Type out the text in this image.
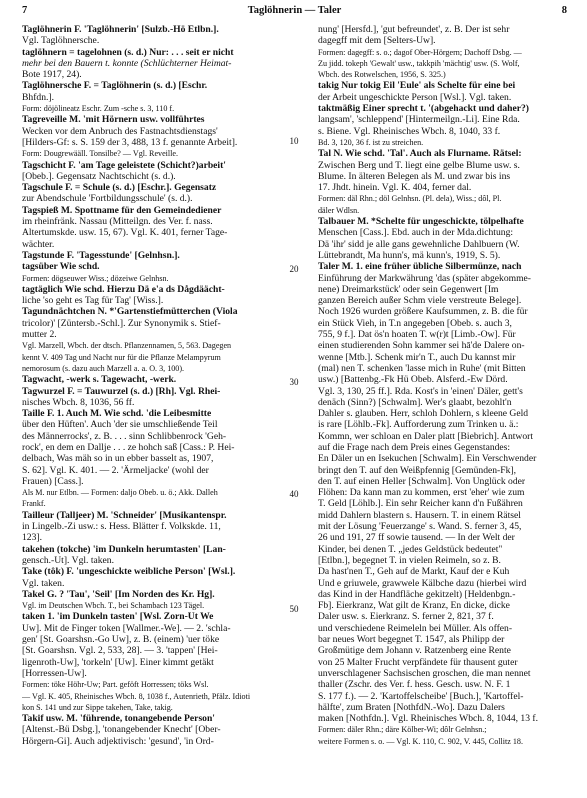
7	Taglöhnerin — Taler	8
Taglöhnerin F. 'Taglöhnerin' [Sulzb.-Hö Etlbn.].
Vgl. Taglöhnersche.
taglöhnern = tagelohnen (s. d.) Nur: . . . seit er nicht
mehr bei den Bauern t. konnte (Schlüchterner Heimat-
Bote 1917, 24).
Taglöhnersche F. = Taglöhnerin (s. d.) [Eschr.
Bhfdn.].
Form: döjölineatz Eschr. Zum -sche s. 3, 110 f.
Tagreveille M. 'mit Hörnern usw. vollführtes
Wecken vor dem Anbruch des Fastnachtsdienstags'
[Hilders-Gf: s. S. 159 der 3, 488, 13 f. genannte Arbeit].
Form: Dougrewääll. Tonsilbe? — Vgl. Reveille.
Tagschicht F. 'am Tage geleistete (Schicht?)arbeit'
[Obeb.]. Gegensatz Nachtschicht (s. d.).
Tagschule F. = Schule (s. d.) [Eschr.]. Gegensatz
zur Abendschule 'Fortbildungsschule' (s. d.).
Tagspieß M. Spottname für den Gemeindediener
im rheinfränk. Nassau (Mitteilgn. des Ver. f. nass.
Altertumskde. usw. 15, 67). Vgl. K. 401, ferner Tage-
wächter.
Tagstunde F. 'Tagesstunde' [Gelnhsn.].
tagsüber Wie schd.
Formen: dögseuwer Wiss.; dözeiwe Gelnhsn.
tagtäglich Wie schd. Hierzu Dä e'a ds Dågdäächt-
liche 'so geht es Tag für Tag' [Wiss.].
Tagundnächtchen N. *'Gartenstiefmütterchen (Viola
tricolor)' [Züntersb.-Schl.]. Zur Synonymik s. Stief-
mutter 2.
Vgl. Marzell, Wbch. der dtsch. Pflanzennamen, 5, 563. Dagegen
kennt V. 409 Tag und Nacht nur für die Pflanze Melampyrum
nemorosum (s. dazu auch Marzell a. a. O. 3, 100).
Tagwacht, -werk s. Tagewacht, -werk.
Tagwurzel F. = Tauwurzel (s. d.) [Rh]. Vgl. Rhei-
nisches Wbch. 8, 1036, 56 ff.
Taille F. 1. Auch M. Wie schd. 'die Leibesmitte
über den Hüften'. Auch 'der sie umschließende Teil
des Männerrocks', z. B. . . . sinn Schlibbenrock 'Geh-
rock', en dem en Dallje . . . ze hohch saß [Cass.: P. Hei-
delbach, Was mäh so in un ebber basselt as, 1907,
S. 62]. Vgl. K. 401. — 2. 'Ärmeljacke' (wohl der
Frauen) [Cass.].
Als M. nur Etlbn. — Formen: daljo Obeb. u. ö.; Akk. Dalleh
Frankf.
Tailleur (Talljeer) M. 'Schneider' [Musikantenspr.
in Lingelb.-Zi usw.: s. Hess. Blätter f. Volkskde. 11,
123].
takehen (tokche) 'im Dunkeln herumtasten' [Lan-
gensch.-Ut]. Vgl. taken.
Take (tôk) F. 'ungeschickte weibliche Person' [Wsl.].
Vgl. taken.
Takel G. ? 'Tau', 'Seil' [Im Norden des Kr. Hg].
Vgl. im Deutschen Wbch. T., bei Schambach 123 Tägel.
taken 1. 'im Dunkeln tasten' [Wsl. Zorn-Ut We
Uw]. Mit de Finger token [Wallmer.-We]. — 2. 'schla-
gen' [St. Goarshsn.-Go Uw], z. B. (einem) 'uer töke
[St. Goarshsn. Vgl. 2, 533, 28]. — 3. 'tappen' [Hei-
ligenroth-Uw], 'torkeln' [Uw]. Einer kimmt getäkt
[Horressen-Uw].
Formen: töke Höhr-Uw; Part. geföft Horressen; töks Wsl.
— Vgl. K. 405, Rheinisches Wbch. 8, 1038 f., Autenrieth, Pfälz. Idioti
kon S. 141 und zur Sippe takehen, Take, takig.
Takif usw. M. 'führende, tonangebende Person'
[Altenst.-Bü Dsbg.], 'tonangebender Knecht' [Ober-
Hörgern-Gi]. Auch adjektivisch: 'gesund', 'in Ord-
10
20
30
40
50
nung' [Hersfd.], 'gut befreundet', z. B. Der ist sehr
dagegff mit dem [Selters-Uw].
Formen: dagegff: s. o.; dagof Ober-Hörgern; Dachoff Dsbg. —
Zu jidd. tokeph 'Gewalt' usw., takkpih 'mächtig' usw. (S. Wolf,
Wbch. des Rotwelschen, 1956, S. 325.)
takig Nur tokig Eil 'Eule' als Schelte für eine bei
der Arbeit ungeschickte Person [Wsl.]. Vgl. taken.
taktmäßig Einer sprecht t. '(abgehackt und daher?)
langsam', 'schleppend' [Hintermeilgn.-Li]. Eine Rda.
s. Biene. Vgl. Rheinisches Wbch. 8, 1040, 33 f.
Bd. 3, 120, 36 f. ist zu streichen.
Tal N. Wie schd. 'Tal'. Auch als Flurname. Rätsel:
Zwischen Berg und T. liegt eine gelbe Blume usw. s.
Blume. In älteren Belegen als M. und zwar bis ins
17. Jhdt. hinein. Vgl. K. 404, ferner dal.
Formen: däl Rhn.; döl Gelnhsn. (Pl. dela), Wiss.; dôl, Pl.
däler Wdlsn.
Talbauer M. *Schelte für ungeschickte, tölpelhafte
Menschen [Cass.]. Ebd. auch in der Mda.dichtung:
Dä 'ihr' sidd je alle gans gewehnliche Dahlbuern (W.
Lüttebrandt, Ma hunn's, mä kunn's, 1919, S. 5).
Taler M. 1. eine früher übliche Silbermünze, nach
Einführung der Markwährung 'das (später abgekomme-
nene) Dreimarkstück' oder sein Gegenwert [Im
ganzen Bereich außer Schm viele verstreute Belege].
Noch 1926 wurden größere Kaufsummen, z. B. die für
ein Stück Vieh, in T.n angegeben [Obeb. s. auch 3,
755, 9 f.]. Dat ös'n hoaten T. w(r)t [Limb.-Ow]. Für
einen studierenden Sohn kammer sei hā'de Dalere on-
wenne [Mtb.]. Schenk mir'n T., auch Du kannst mir
(mal) nen T. schenken 'lasse mich in Ruhe' (mit Bitten
usw.) [Battenbg.-Fk Hü Obeb. Alsferd.-Ew Dörd.
Vgl. 3, 130, 25 ff.]. Rda. Kost's in 'einen' Däler, gett's
denäch (Sinn?) [Schwalm]. Wer's glaabt, bezohlt'n
Dahler s. glauben. Herr, schloh Dohlern, s kleene Geld
is rare [Löhlb.-Fk]. Aufforderung zum Trinken u. ä.:
Kommn, wer schloan en Daler platt [Biebrich]. Antwort
auf die Frage nach dem Preis eines Gegenstandes:
En Däler un en Isekuchen [Schwalm]. Ein Verschwender
bringt den T. auf den Weißpfennig [Gemünden-Fk],
den T. auf einen Heller [Schwalm]. Von Unglück oder
Flöhen: Da kann man zu kommen, erst 'eher' wie zum
T. Geld [Löhlb.]. Ein sehr Reicher kann d'n Fußähren
midd Dahlern blastern s. Hausern. T. in einem Rätsel
mit der Lösung 'Feuerzange' s. Wand. S. ferner 3, 45,
26 und 191, 27 ff sowie tausend. — In der Welt der
Kinder, bei denen T. „jedes Geldstück bedeutet"
[Etlbn.], begegnet T. in vielen Reimeln, so z. B.
Da hast'nen T., Geh auf de Markt, Kauf der e Kuh
Und e griuwele, grawwele Kälbche dazu (hierbei wird
das Kind in der Handfläche gekitzelt) [Heldenbgn.-
Fb]. Eierkranz, Wat gilt de Kranz, En dicke, dicke
Daler usw. s. Eierkranz. S. ferner 2, 821, 37 f.
und verschiedene Reimeleln bei Müller. Als offen-
bar neues Wort begegnet T. 1547, als Philipp der
Großmütige dem Johann v. Ratzenberg eine Rente
von 25 Malter Frucht verpfändete für thausent guter
unverschlagener Sachsischen groschen, die man nennet
thaller (Zschr. des Ver. f. hess. Gesch. usw. N. F. 1
S. 177 f.). — 2. 'Kartoffelscheibe' [Buch.], 'Kartoffel-
hälfte', zum Braten [NothfdN.-Wo]. Dazu Dalers
maken [Nothfdn.]. Vgl. Rheinisches Wbch. 8, 1044, 13 f.
Formen: däler Rhn.; däre Kölber-Wi; dôlr Gelnhsn.;
weitere Formen s. o. — Vgl. K. 110, C. 902, V. 445, Collitz 18.
